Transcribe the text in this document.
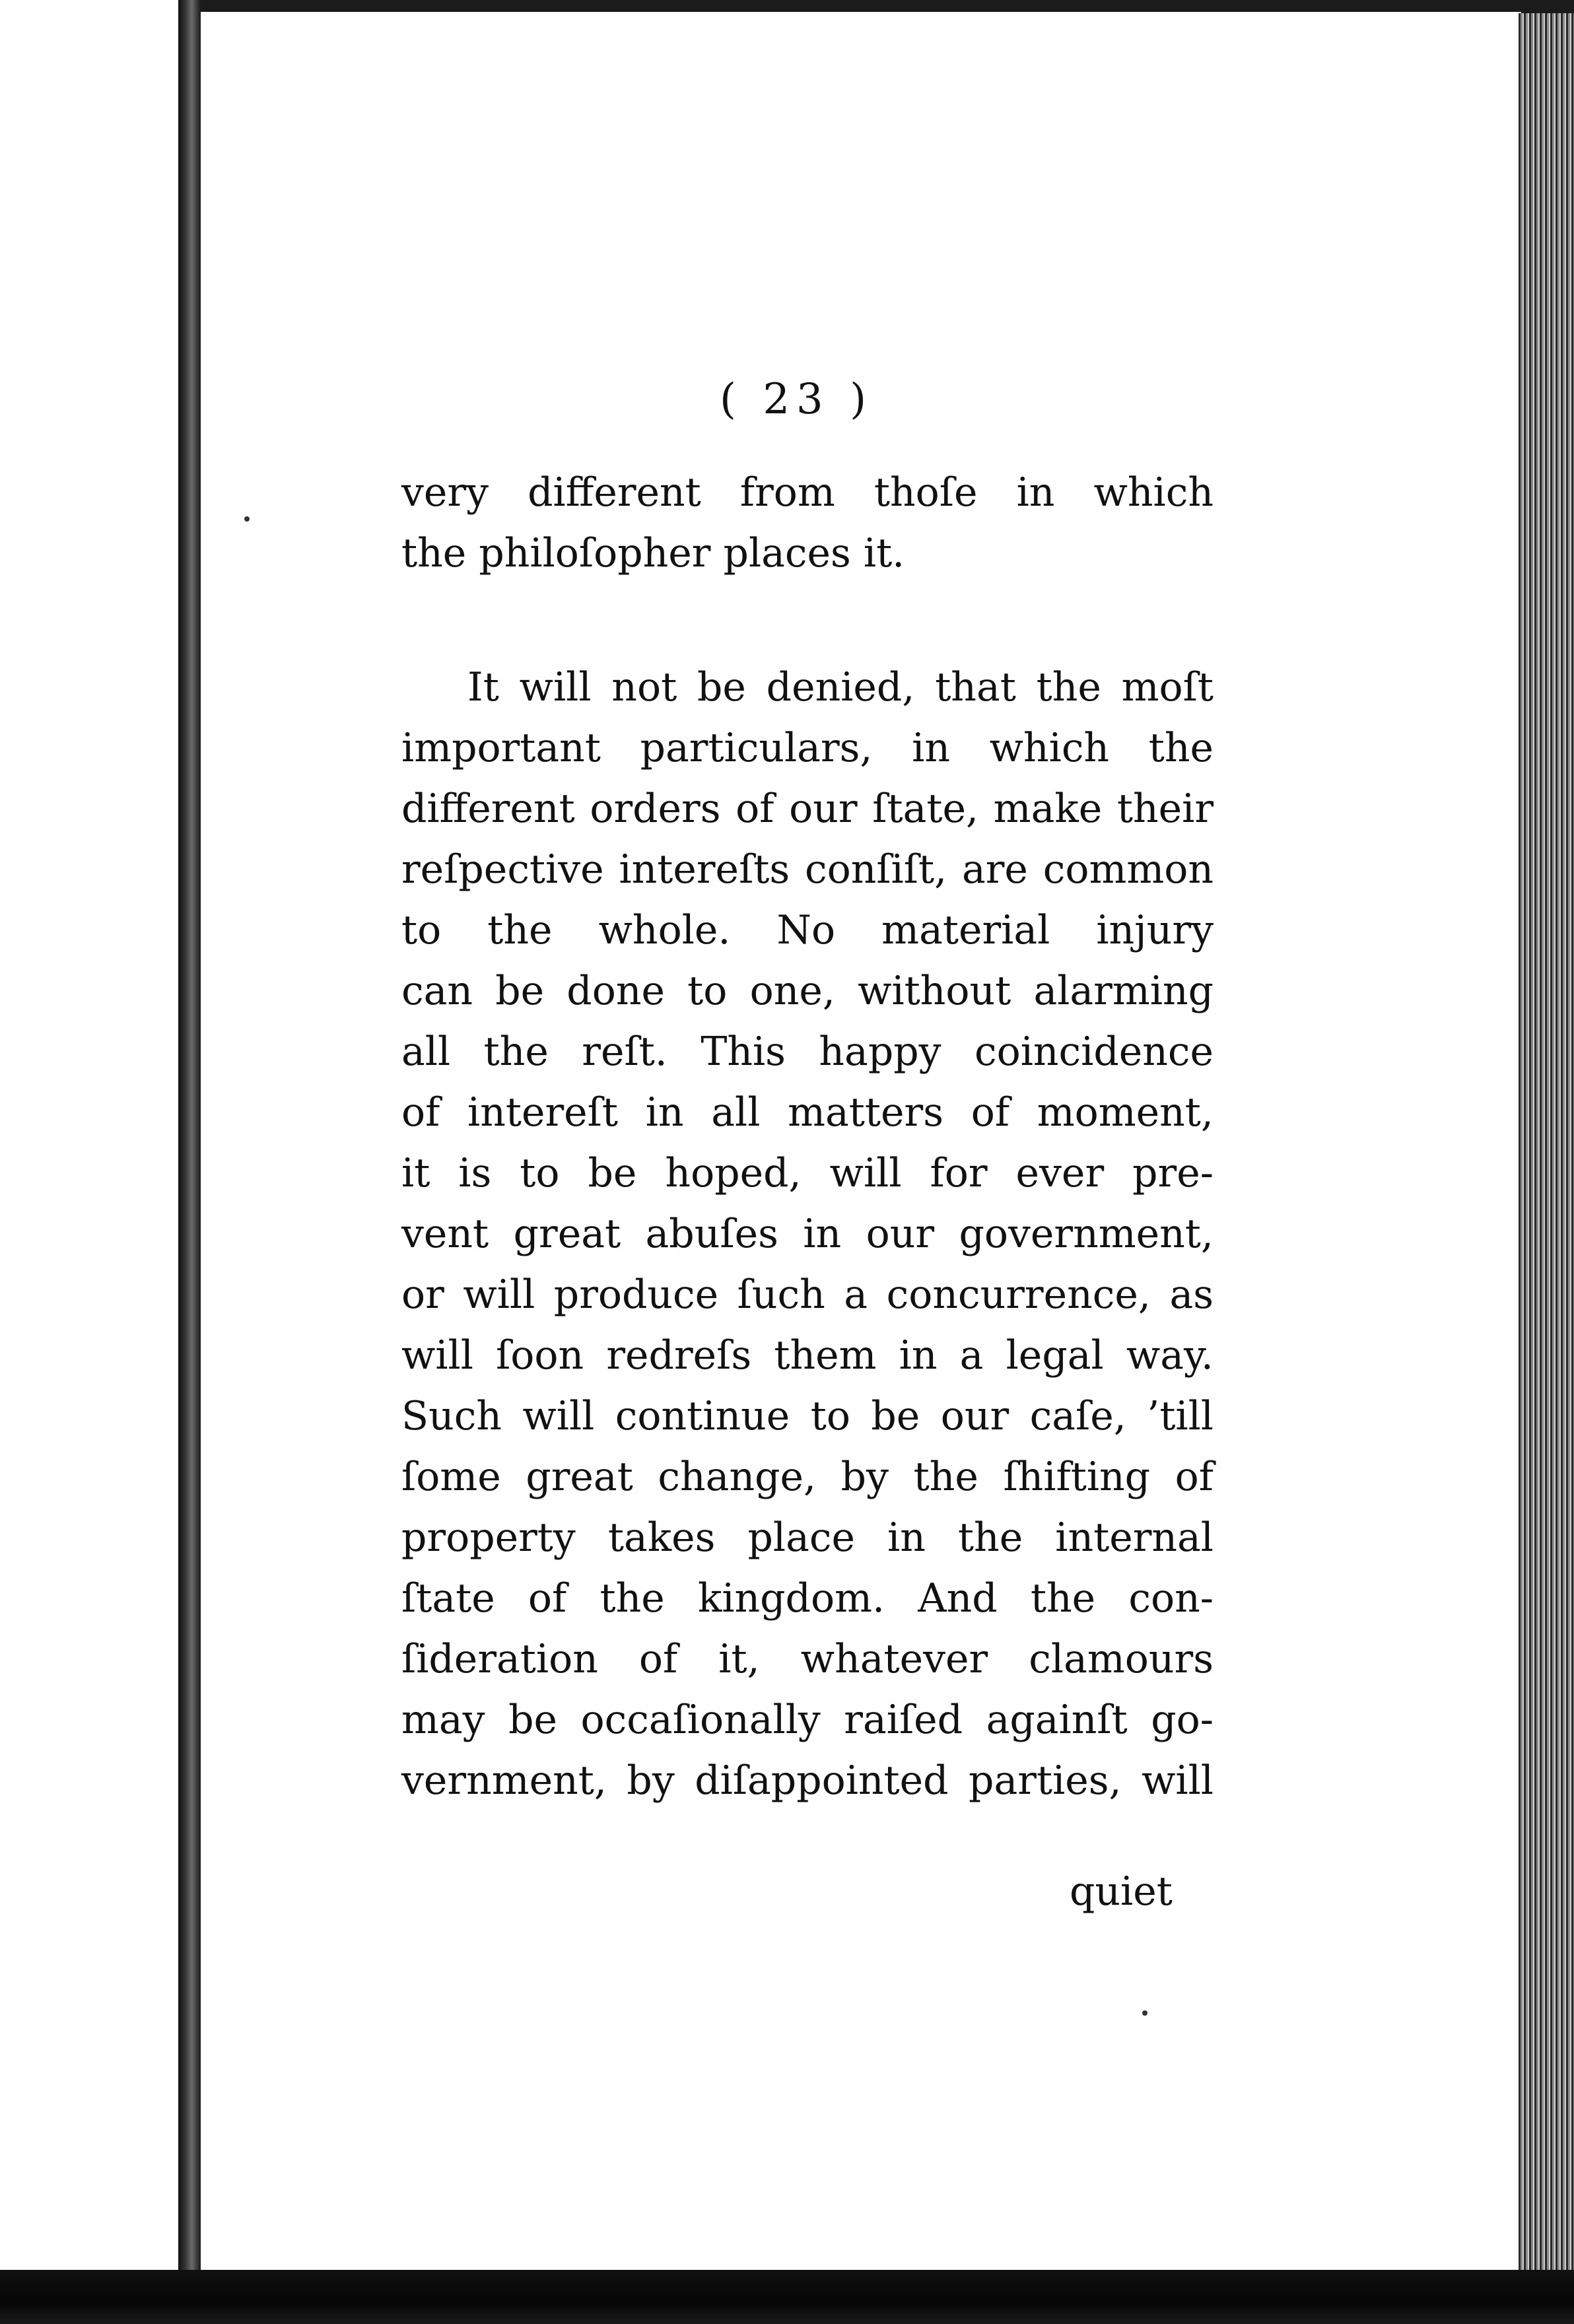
( 23 )
very different from thoſe in which
the philoſopher places it.
It will not be denied, that the moſt
important particulars, in which the
different orders of our ſtate, make their
reſpective intereſts conſiſt, are common
to the whole. No material injury
can be done to one, without alarming
all the reſt. This happy coincidence
of intereſt in all matters of moment,
it is to be hoped, will for ever pre-
vent great abuſes in our government,
or will produce ſuch a concurrence, as
will ſoon redreſs them in a legal way.
Such will continue to be our caſe, ’till
ſome great change, by the ſhifting of
property takes place in the internal
ſtate of the kingdom. And the con-
ſideration of it, whatever clamours
may be occaſionally raiſed againſt go-
vernment, by diſappointed parties, will
quiet
